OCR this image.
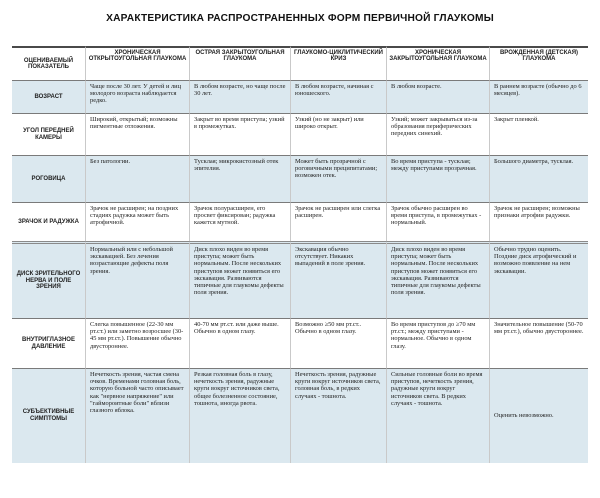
ХАРАКТЕРИСТИКА РАСПРОСТРАНЕННЫХ ФОРМ ПЕРВИЧНОЙ ГЛАУКОМЫ
ОЦЕНИВАЕМЫЙ ПОКАЗАТЕЛЬ	ХРОНИЧЕСКАЯ ОТКРЫТОУГОЛЬНАЯ ГЛАУКОМА	ОСТРАЯ ЗАКРЫТОУГОЛЬНАЯ ГЛАУКОМА	ГЛАУКОМО-ЦИКЛИТИЧЕСКИЙ КРИЗ	ХРОНИЧЕСКАЯ ЗАКРЫТОУГОЛЬНАЯ ГЛАУКОМА	ВРОЖДЕННАЯ (ДЕТСКАЯ) ГЛАУКОМА
ВОЗРАСТ	Чаще после 30 лет. У детей и лиц молодого возраста наблюдается редко.	В любом возрасте, но чаще после 30 лет.	В любом возрасте, начиная с юношеского.	В любом возрасте.	В раннем возрасте (обычно до 6 месяцев).
УГОЛ ПЕРЕДНЕЙ КАМЕРЫ	Широкий, открытый; возможны пигментные отложения.	Закрыт во время приступа; узкий в промежутках.	Узкий (но не закрыт) или широко открыт.	Узкий; может закрываться из-за образования периферических передних синехий.	Закрыт пленкой.
РОГОВИЦА	Без патологии.	Тусклая; микрокистозный отек эпителия.	Может быть прозрачной с роговичными преципитатами; возможен отек.	Во время приступа - тусклая; между приступами прозрачная.	Большого диаметра, тусклая.
ЗРАЧОК И РАДУЖКА	Зрачок не расширен; на поздних стадиях радужка может быть атрофичной.	Зрачок полурасширен, его просвет фиксирован; радужка кажется мутной.	Зрачок не расширен или слегка расширен.	Зрачок обычно расширен во время приступа, в промежутках - нормальный.	Зрачок не расширен; возможны признаки атрофии радужки.
ДИСК ЗРИТЕЛЬНОГО НЕРВА И ПОЛЕ ЗРЕНИЯ	Нормальный или с небольшой экскавацией. Без лечения возрастающие дефекты поля зрения.	Диск плохо виден во время приступа; может быть нормальным. После нескольких приступов может появиться его экскавация. Развиваются типичные для глаукомы дефекты поля зрения.	Экскавация обычно отсутствует. Никаких выпадений в поле зрения.	Диск плохо виден во время приступа; может быть нормальным. После нескольких приступов может появиться его экскавация. Развиваются типичные для глаукомы дефекты поля зрения.	Обычно трудно оценить. Поздние диск атрофический и возможно появление на нем экскавации.
ВНУТРИГЛАЗНОЕ ДАВЛЕНИЕ	Слегка повышенное (22-30 мм рт.ст.) или заметно возросшее (30-45 мм рт.ст.). Повышение обычно двустороннее.	40-70 мм рт.ст. или даже выше. Обычно в одном глазу.	Возможно ≥50 мм рт.ст.. Обычно в одном глазу.	Во время приступов до ≥70 мм рт.ст.; между приступами - нормальное. Обычно в одном глазу.	Значительное повышение (50-70 мм рт.ст.), обычно двустороннее.
СУБЪЕКТИВНЫЕ СИМПТОМЫ	Нечеткость зрения, частая смена очков. Временами головная боль, которую больной часто описывает как "нервное напряжение" или "гаймороитные боли" вблизи глазного яблока.	Резкая головная боль в глазу, нечеткость зрения, радужные круги вокруг источников света, общее болезненное состояние, тошнота, иногда рвота.	Нечеткость зрения, радужные круги вокруг источников света, головная боль, в редких случаях - тошнота.	Сильные головные боли во время приступов, нечеткость зрения, радужные круги вокруг источников света. В редких случаях - тошнота.	Оценить невозможно.
